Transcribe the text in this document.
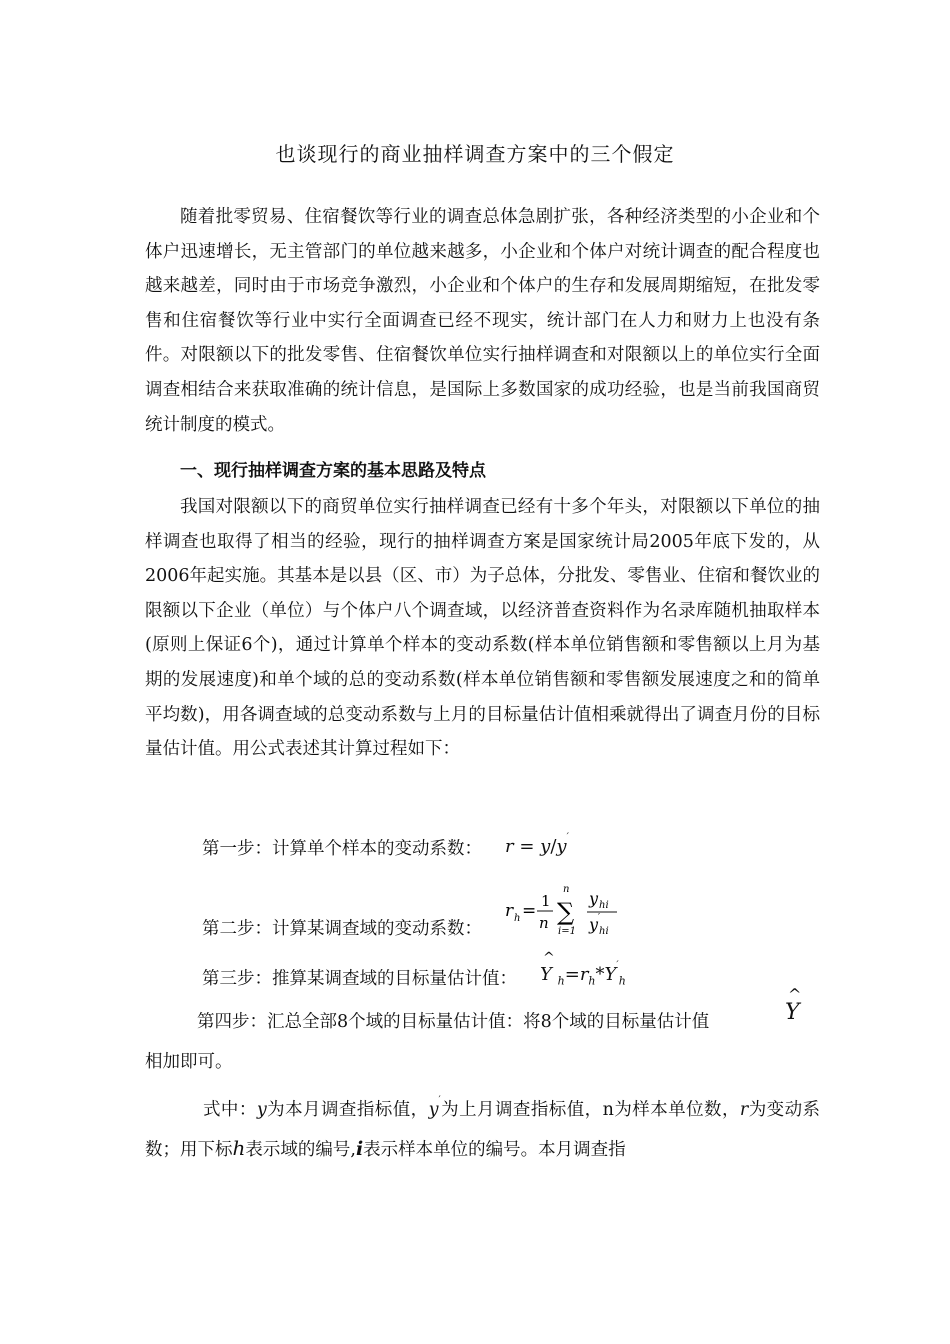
也谈现行的商业抽样调查方案中的三个假定
随着批零贸易、住宿餐饮等行业的调查总体急剧扩张，各种经济类型的小企业和个体户迅速增长，无主管部门的单位越来越多，小企业和个体户对统计调查的配合程度也越来越差，同时由于市场竞争激烈，小企业和个体户的生存和发展周期缩短，在批发零售和住宿餐饮等行业中实行全面调查已经不现实，统计部门在人力和财力上也没有条件。对限额以下的批发零售、住宿餐饮单位实行抽样调查和对限额以上的单位实行全面调查相结合来获取准确的统计信息，是国际上多数国家的成功经验，也是当前我国商贸统计制度的模式。
一、现行抽样调查方案的基本思路及特点
我国对限额以下的商贸单位实行抽样调查已经有十多个年头，对限额以下单位的抽样调查也取得了相当的经验，现行的抽样调查方案是国家统计局2005年底下发的，从2006年起实施。其基本是以县（区、市）为子总体，分批发、零售业、住宿和餐饮业的限额以下企业（单位）与个体户八个调查域，以经济普查资料作为名录库随机抽取样本(原则上保证6个)，通过计算单个样本的变动系数(样本单位销售额和零售额以上月为基期的发展速度)和单个域的总的变动系数(样本单位销售额和零售额发展速度之和的简单平均数)，用各调查域的总变动系数与上月的目标量估计值相乘就得出了调查月份的目标量估计值。用公式表述其计算过程如下：
第一步：计算单个样本的变动系数： r = y/y′
第二步：计算某调查域的变动系数：
r h = 1
n
n
∑
i=1
y hi
y ′
hi
第三步：推算某调查域的目标量估计值：
^
Y $_h=r_h*Y'_h$
第四步：汇总全部8个域的目标量估计值：将8个域的目标量估计值
^
Y
相加即可。
式中：y为本月调查指标值，y′为上月调查指标值，n为样本单位数，r为变动系数；用下标h表示域的编号,i表示样本单位的编号。本月调查指
